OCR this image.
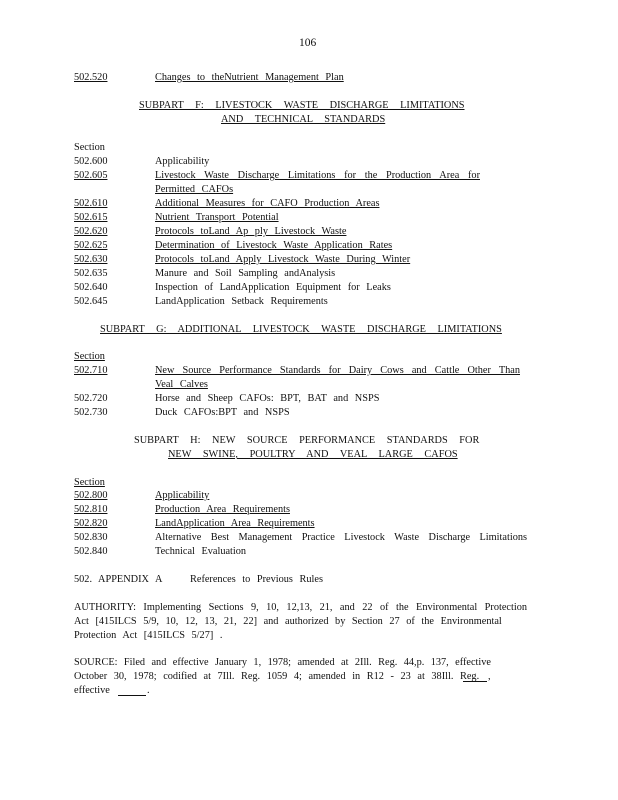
106
502.520	Changes to theNutrient Management Plan
SUBPART F: LIVESTOCK WASTE DISCHARGE LIMITATIONS
AND TECHNICAL STANDARDS
Section
502.600	Applicability
502.605	Livestock Waste Discharge Limitations for the Production Area for
Permitted CAFOs
502.610	Additional Measures for CAFO Production Areas
502.615	Nutrient Transport Potential
502.620	Protocols toLand Ap ply Livestock Waste
502.625	Determination of Livestock Waste Application Rates
502.630	Protocols toLand Apply Livestock Waste During Winter
502.635	Manure and Soil Sampling andAnalysis
502.640	Inspection of LandApplication Equipment for Leaks
502.645	LandApplication Setback Requirements
SUBPART G: ADDITIONAL LIVESTOCK WASTE DISCHARGE LIMITATIONS
Section
502.710	New Source Performance Standards for Dairy Cows and Cattle Other Than
Veal Calves
502.720	Horse and Sheep CAFOs: BPT, BAT and NSPS
502.730	Duck CAFOs:BPT and NSPS
SUBPART H: NEW SOURCE PERFORMANCE STANDARDS FOR
NEW SWINE, POULTRY AND VEAL LARGE CAFOS
Section
502.800	Applicability
502.810	Production Area Requirements
502.820	LandApplication Area Requirements
502.830	Alternative Best Management Practice Livestock Waste Discharge Limitations
502.840	Technical Evaluation
502. APPENDIX A	References to Previous Rules
AUTHORITY: Implementing Sections 9, 10, 12,13, 21, and 22 of the Environmental Protection
Act [415ILCS 5/9, 10, 12, 13, 21, 22] and authorized by Section 27 of the Environmental
Protection Act [415ILCS 5/27] .
SOURCE: Filed and effective January 1, 1978; amended at 2Ill. Reg. 44,p. 137, effective
October 30, 1978; codified at 7Ill. Reg. 1059 4; amended in R12 - 23 at 38Ill. Reg. ,
effective	.
